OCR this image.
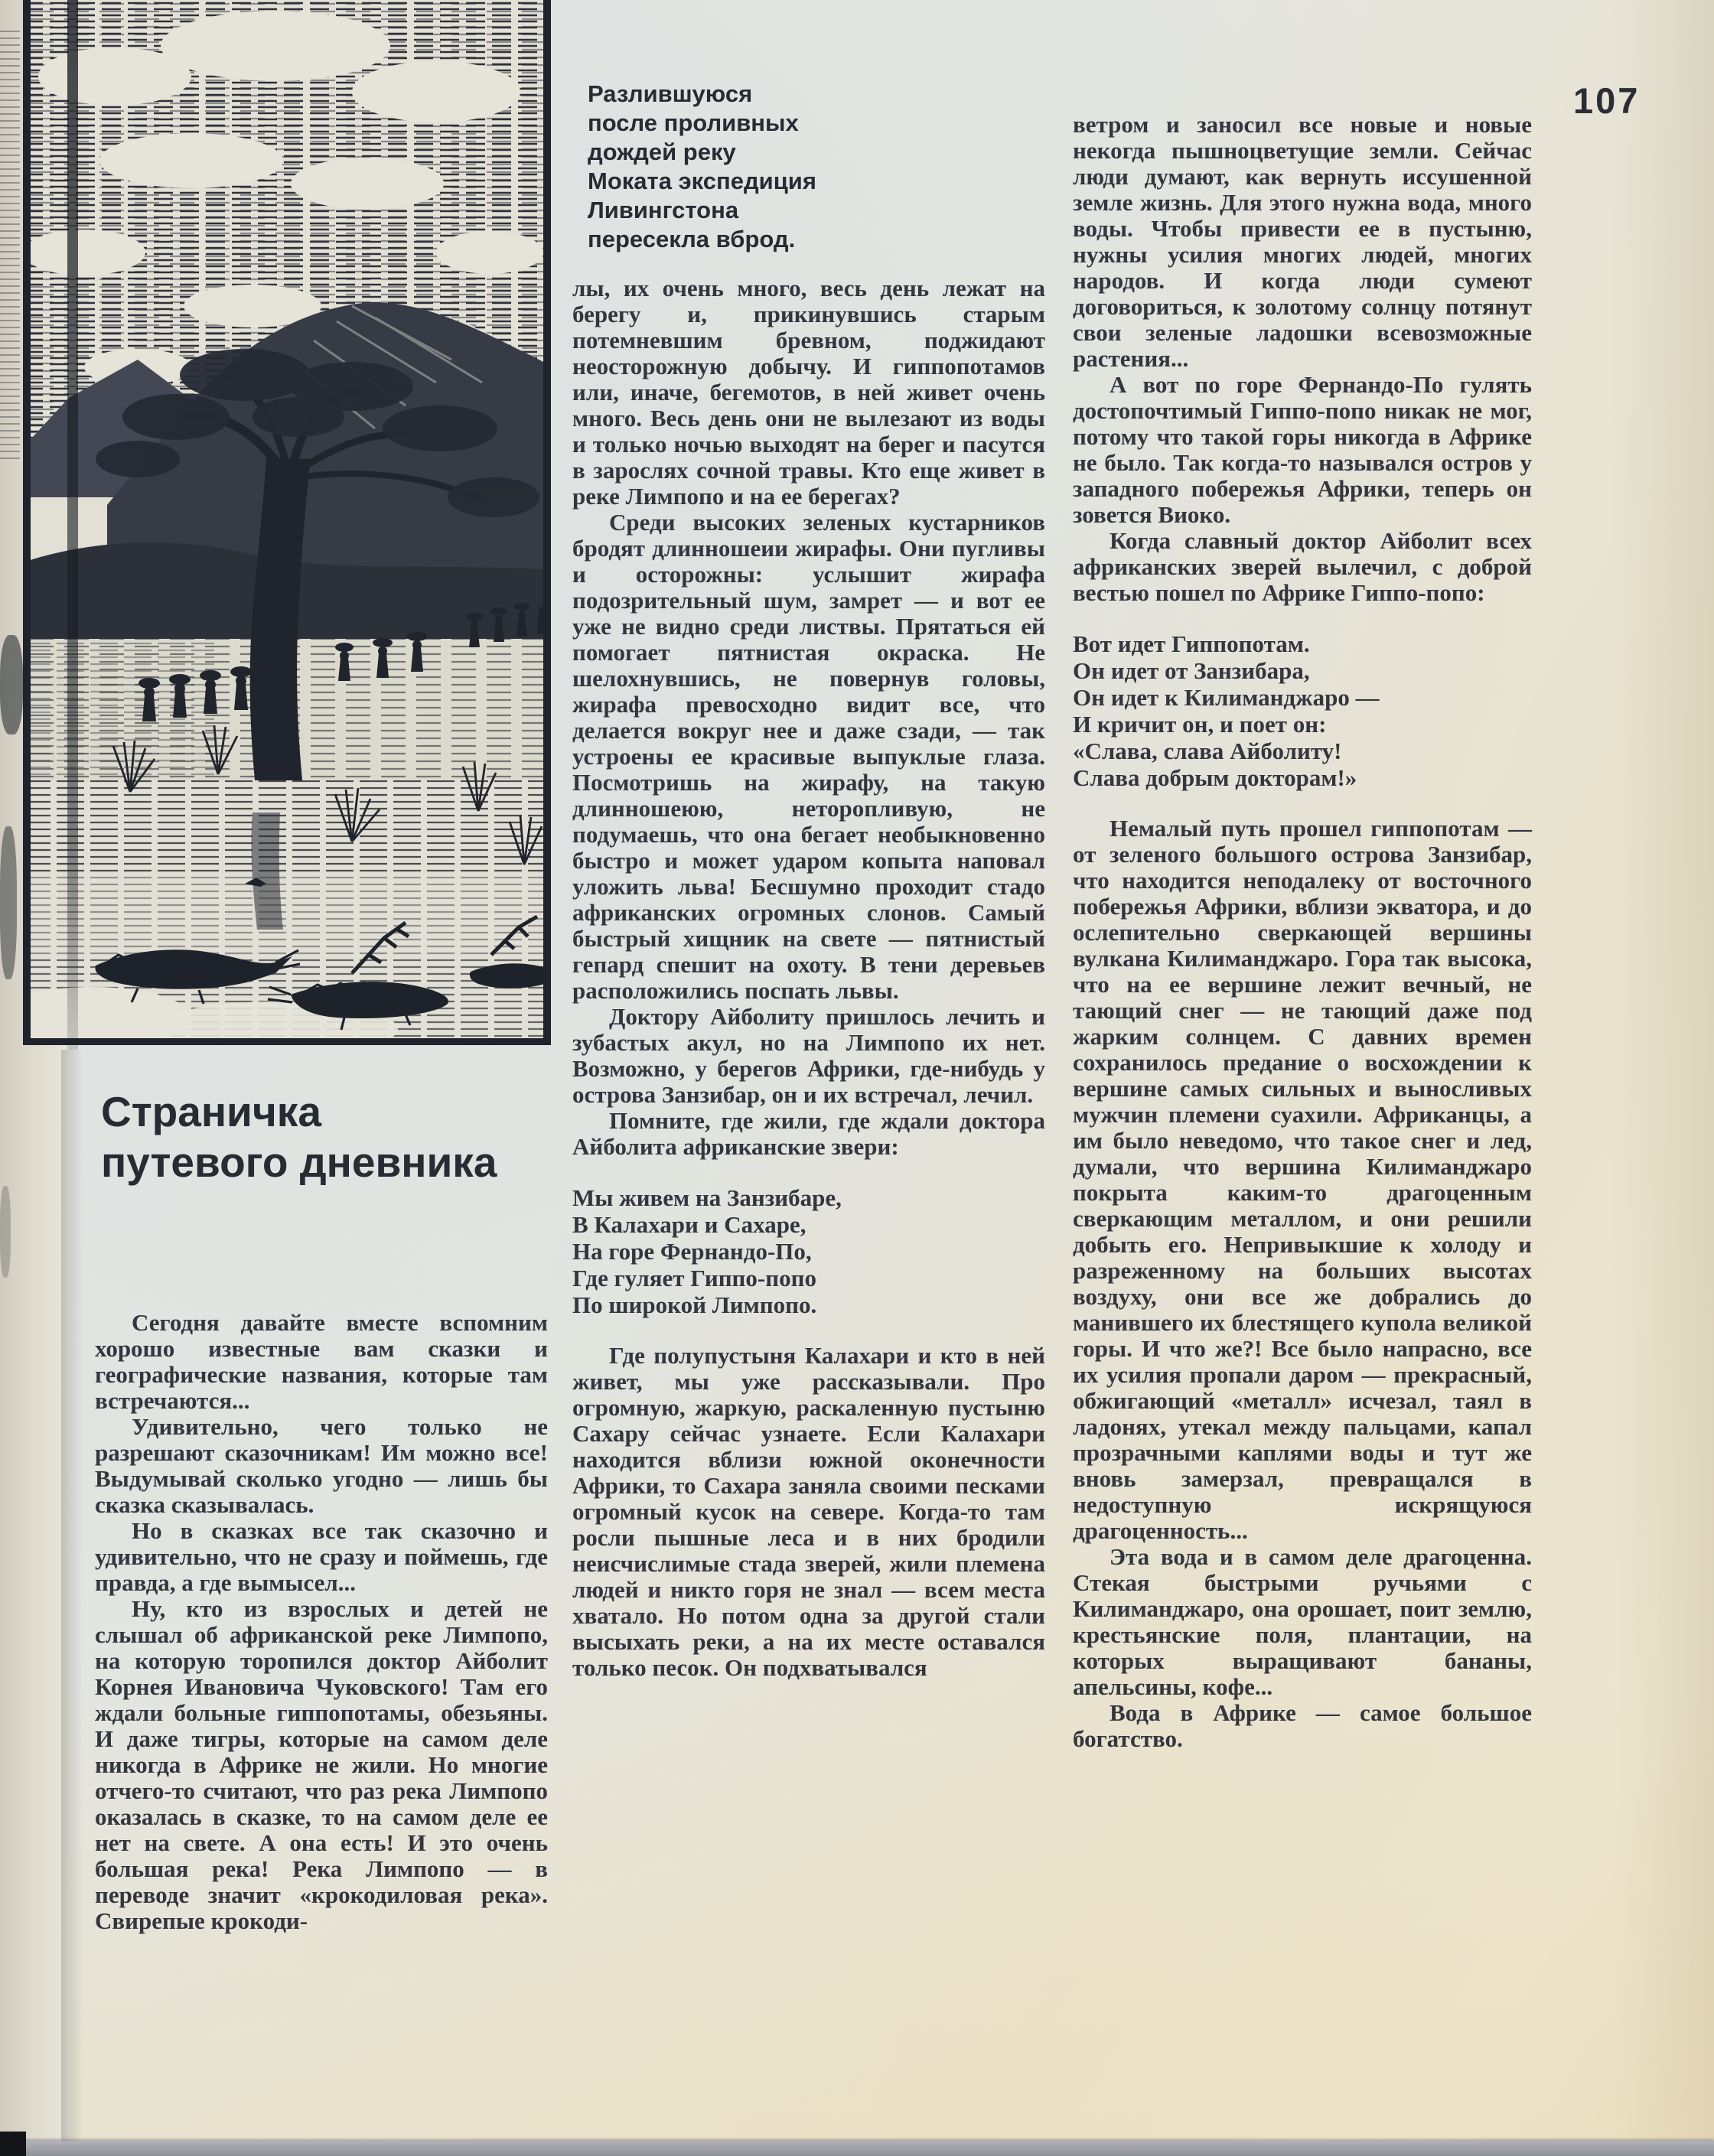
107
Разлившуюся после проливных дождей реку Моката экспедиция Ливингстона пересекла вброд.
Страничка
путевого дневника

Сегодня давайте вместе вспомним хорошо известные вам сказки и географические названия, которые там встречаются...

Удивительно, чего только не разрешают сказочникам! Им можно все! Выдумывай сколько угодно — лишь бы сказка сказывалась.

Но в сказках все так сказочно и удивительно, что не сразу и поймешь, где правда, а где вымысел...

Ну, кто из взрослых и детей не слышал об африканской реке Лимпопо, на которую торопился доктор Айболит Корнея Ивановича Чуковского! Там его ждали больные гиппопотамы, обезьяны. И даже тигры, которые на самом деле никогда в Африке не жили. Но многие отчего-то считают, что раз река Лимпопо оказалась в сказке, то на самом деле ее нет на свете. А она есть! И это очень большая река! Река Лимпопо — в переводе значит «крокодиловая река». Свирепые крокоди-

лы, их очень много, весь день лежат на берегу и, прикинувшись старым потемневшим бревном, поджидают неосторожную добычу. И гиппопотамов или, иначе, бегемотов, в ней живет очень много. Весь день они не вылезают из воды и только ночью выходят на берег и пасутся в зарослях сочной травы. Кто еще живет в реке Лимпопо и на ее берегах?

Среди высоких зеленых кустарников бродят длинношеии жирафы. Они пугливы и осторожны: услышит жирафа подозрительный шум, замрет — и вот ее уже не видно среди листвы. Прятаться ей помогает пятнистая окраска. Не шелохнувшись, не повернув головы, жирафа превосходно видит все, что делается вокруг нее и даже сзади, — так устроены ее красивые выпуклые глаза. Посмотришь на жирафу, на такую длинношеюю, неторопливую, не подумаешь, что она бегает необыкновенно быстро и может ударом копыта наповал уложить льва! Бесшумно проходит стадо африканских огромных слонов. Самый быстрый хищник на свете — пятнистый гепард спешит на охоту. В тени деревьев расположились поспать львы.

Доктору Айболиту пришлось лечить и зубастых акул, но на Лимпопо их нет. Возможно, у берегов Африки, где-нибудь у острова Занзибар, он и их встречал, лечил.

Помните, где жили, где ждали доктора Айболита африканские звери:

Мы живем на Занзибаре,
В Калахари и Сахаре,
На горе Фернандо-По,
Где гуляет Гиппо-попо
По широкой Лимпопо.

Где полупустыня Калахари и кто в ней живет, мы уже рассказывали. Про огромную, жаркую, раскаленную пустыню Сахару сейчас узнаете. Если Калахари находится вблизи южной оконечности Африки, то Сахара заняла своими песками огромный кусок на севере. Когда-то там росли пышные леса и в них бродили неисчислимые стада зверей, жили племена людей и никто горя не знал — всем места хватало. Но потом одна за другой стали высыхать реки, а на их месте оставался только песок. Он подхватывался

ветром и заносил все новые и новые некогда пышноцветущие земли. Сейчас люди думают, как вернуть иссушенной земле жизнь. Для этого нужна вода, много воды. Чтобы привести ее в пустыню, нужны усилия многих людей, многих народов. И когда люди сумеют договориться, к золотому солнцу потянут свои зеленые ладошки всевозможные растения...

А вот по горе Фернандо-По гулять достопочтимый Гиппо-попо никак не мог, потому что такой горы никогда в Африке не было. Так когда-то назывался остров у западного побережья Африки, теперь он зовется Виоко.

Когда славный доктор Айболит всех африканских зверей вылечил, с доброй вестью пошел по Африке Гиппо-попо:

Вот идет Гиппопотам.
Он идет от Занзибара,
Он идет к Килиманджаро —
И кричит он, и поет он:
«Слава, слава Айболиту!
Слава добрым докторам!»

Немалый путь прошел гиппопотам — от зеленого большого острова Занзибар, что находится неподалеку от восточного побережья Африки, вблизи экватора, и до ослепительно сверкающей вершины вулкана Килиманджаро. Гора так высока, что на ее вершине лежит вечный, не тающий снег — не тающий даже под жарким солнцем. С давних времен сохранилось предание о восхождении к вершине самых сильных и выносливых мужчин племени суахили. Африканцы, а им было неведомо, что такое снег и лед, думали, что вершина Килиманджаро покрыта каким-то драгоценным сверкающим металлом, и они решили добыть его. Непривыкшие к холоду и разреженному на больших высотах воздуху, они все же добрались до манившего их блестящего купола великой горы. И что же?! Все было напрасно, все их усилия пропали даром — прекрасный, обжигающий «металл» исчезал, таял в ладонях, утекал между пальцами, капал прозрачными каплями воды и тут же вновь замерзал, превращался в недоступную искрящуюся драгоценность...

Эта вода и в самом деле драгоценна. Стекая быстрыми ручьями с Килиманджаро, она орошает, поит землю, крестьянские поля, плантации, на которых выращивают бананы, апельсины, кофе...

Вода в Африке — самое большое богатство.
